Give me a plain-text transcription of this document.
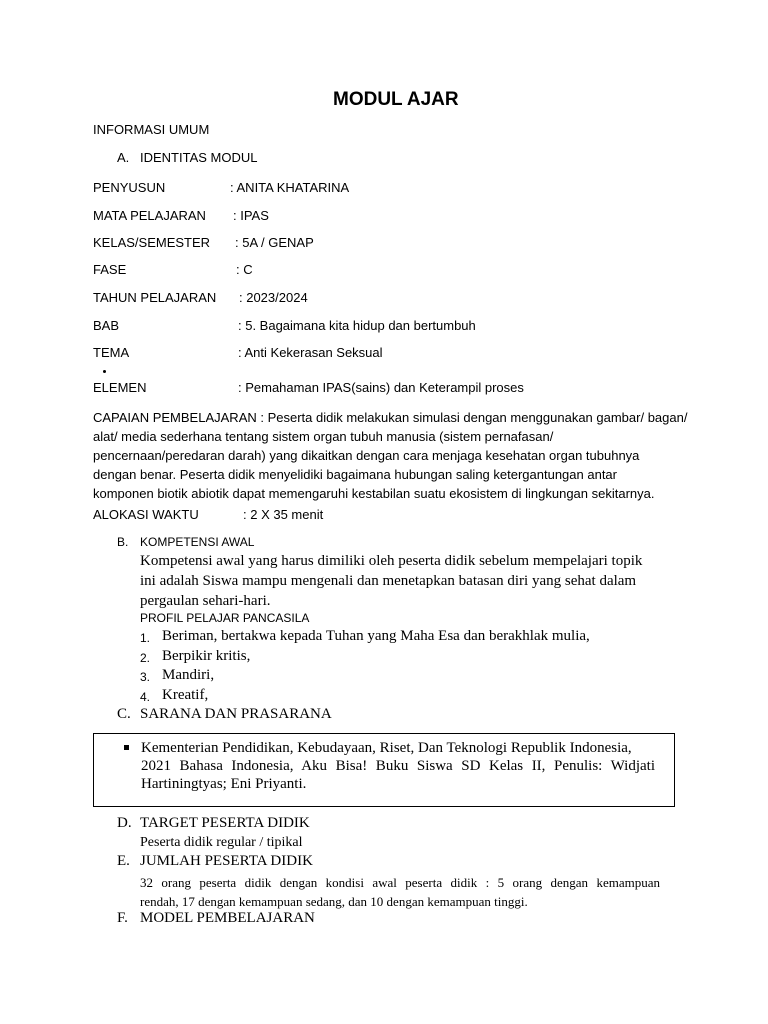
MODUL AJAR
INFORMASI UMUM
A. IDENTITAS MODUL
PENYUSUN	: ANITA KHATARINA
MATA PELAJARAN : IPAS
KELAS/SEMESTER : 5A / GENAP
FASE	: C
TAHUN PELAJARAN : 2023/2024
BAB	: 5. Bagaimana kita hidup dan bertumbuh
TEMA	: Anti Kekerasan Seksual
ELEMEN	: Pemahaman IPAS(sains) dan Keterampil proses
CAPAIAN PEMBELAJARAN : Peserta didik melakukan simulasi dengan menggunakan gambar/ bagan/
alat/ media sederhana tentang sistem organ tubuh manusia (sistem pernafasan/
pencernaan/peredaran darah) yang dikaitkan dengan cara menjaga kesehatan organ tubuhnya
dengan benar. Peserta didik menyelidiki bagaimana hubungan saling ketergantungan antar
komponen biotik abiotik dapat memengaruhi kestabilan suatu ekosistem di lingkungan sekitarnya.
ALOKASI WAKTU	: 2 X 35 menit
B. KOMPETENSI AWAL
Kompetensi awal yang harus dimiliki oleh peserta didik sebelum mempelajari topik
ini adalah Siswa mampu mengenali dan menetapkan batasan diri yang sehat dalam
pergaulan sehari-hari.
PROFIL PELAJAR PANCASILA
1. Beriman, bertakwa kepada Tuhan yang Maha Esa dan berakhlak mulia,
2. Berpikir kritis,
3. Mandiri,
4. Kreatif,
C. SARANA DAN PRASARANA
Kementerian Pendidikan, Kebudayaan, Riset, Dan Teknologi Republik Indonesia,
2021 Bahasa Indonesia, Aku Bisa! Buku Siswa SD Kelas II, Penulis: Widjati
Hartiningtyas; Eni Priyanti.
D. TARGET PESERTA DIDIK
Peserta didik regular / tipikal
E. JUMLAH PESERTA DIDIK
32 orang peserta didik dengan kondisi awal peserta didik : 5 orang dengan kemampuan
rendah, 17 dengan kemampuan sedang, dan 10 dengan kemampuan tinggi.
F. MODEL PEMBELAJARAN
